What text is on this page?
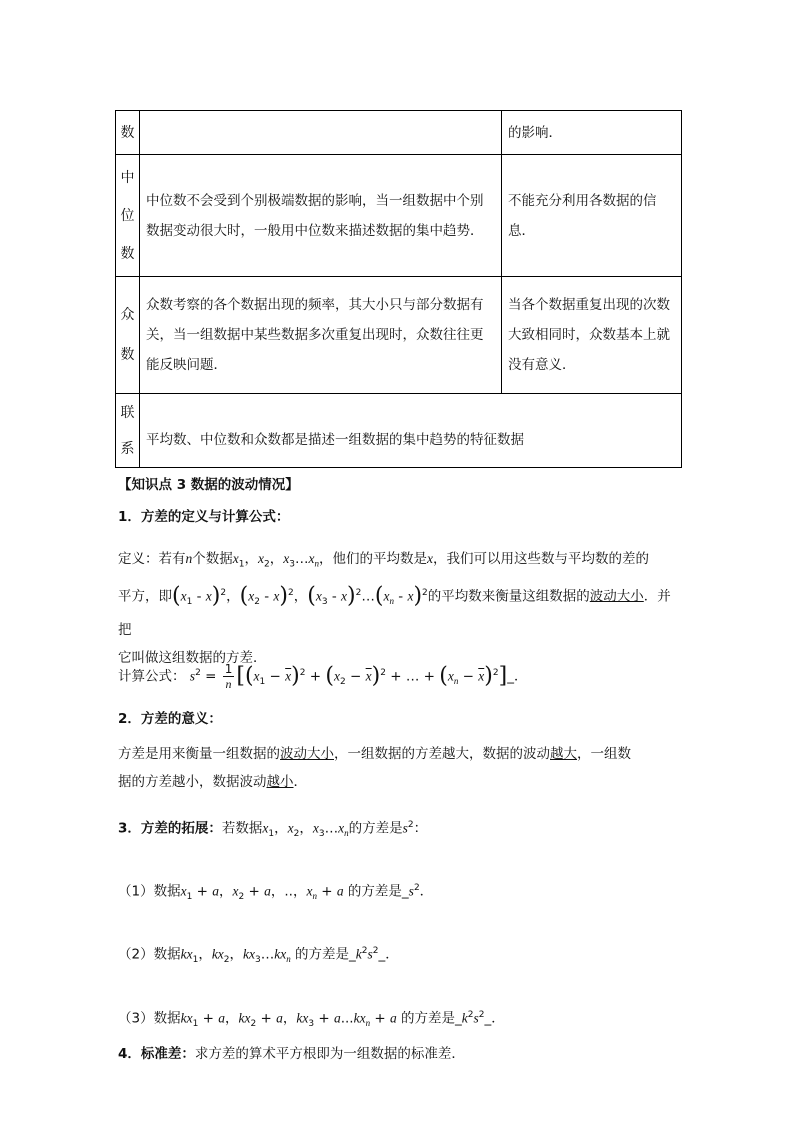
数		的影响．

中
位
数	中位数不会受到个别极端数据的影响，当一组数据中个别数据变动很大时，一般用中位数来描述数据的集中趋势．	不能充分利用各数据的信息．

众
数	众数考察的各个数据出现的频率，其大小只与部分数据有关，当一组数据中某些数据多次重复出现时，众数往往更能反映问题．	当各个数据重复出现的次数大致相同时，众数基本上就没有意义．

联
系	平均数、中位数和众数都是描述一组数据的集中趋势的特征数据	
【知识点 3 数据的波动情况】
1．方差的定义与计算公式：
定义：若有n个数据$x_1$，$x_2$，$x_3\dots x_n$，他们的平均数是x，我们可以用这些数与平均数的差的
平方，即$(x_1 - x)^2$，$(x_2 - x)^2$，($x_3$ - $x)^2\dots(x_n - x)^2$的平均数来衡量这组数据的波动大小．并把
它叫做这组数据的方差．
计算公式： $s^2 = \frac{1}{n} [(x_1 - \overline{x})^2 + (x_2 - \overline{x})^2$ + … + ($x_n$ − $\overline{x})^2]\_$．
2．方差的意义：
方差是用来衡量一组数据的波动大小，一组数据的方差越大，数据的波动越大，一组数
据的方差越小，数据波动越小．
3．方差的拓展：若数据$x_1$，$x_2$，$x_3\dots x_n$的方差是$s^2$：
（1）数据$x_1 + a$，$x_2 + a$，..，$x_n + a$ 的方差是$\_s^2$．
（2）数据$kx_1$，$kx_2$，$kx_3\dots kx_n$ 的方差是$\_k^2s^2\_$．
（3）数据$kx_1 + a$，$kx_2 + a$，$kx_3 + a...kx_n + a$ 的方差是$\_k^2s^2\_$．
4．标准差：求方差的算术平方根即为一组数据的标准差．
